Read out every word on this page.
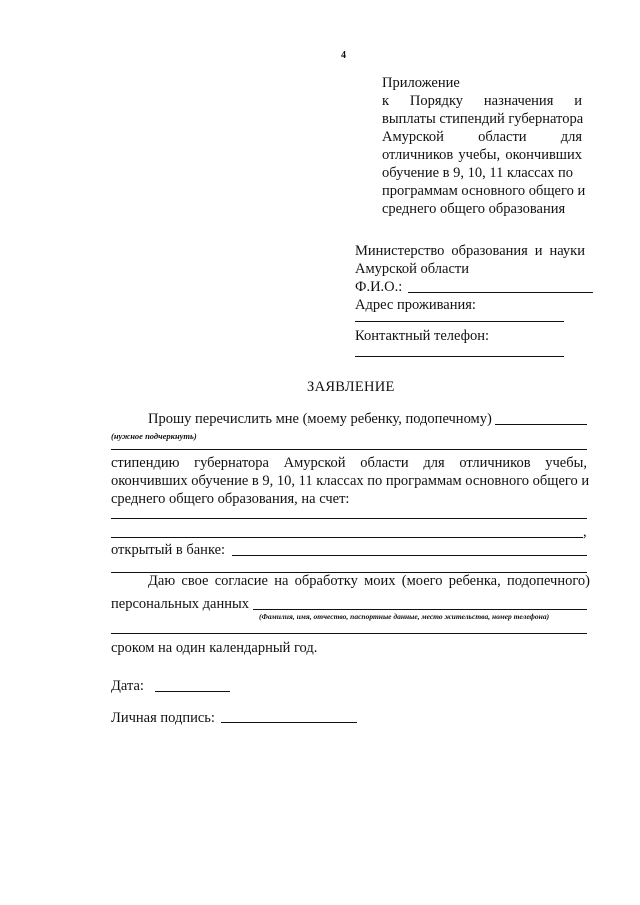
4
Приложение
к Порядку назначения и
выплаты стипендий губернатора
Амурской области для
отличников учебы, окончивших
обучение в 9, 10, 11 классах по
программам основного общего и
среднего общего образования
Министерство образования и науки
Амурской области
Ф.И.О.:
Адрес проживания:
Контактный телефон:
ЗАЯВЛЕНИЕ
Прошу перечислить мне (моему ребенку, подопечному)
(нужное подчеркнуть)
стипендию губернатора Амурской области для отличников учебы,
окончивших обучение в 9, 10, 11 классах по программам основного общего и
среднего общего образования, на счет:
,
открытый в банке:
Даю свое согласие на обработку моих (моего ребенка, подопечного)
персональных данных
(Фамилия, имя, отчество, паспортные данные, место жительства, номер телефона)
сроком на один календарный год.
Дата:
Личная подпись:
